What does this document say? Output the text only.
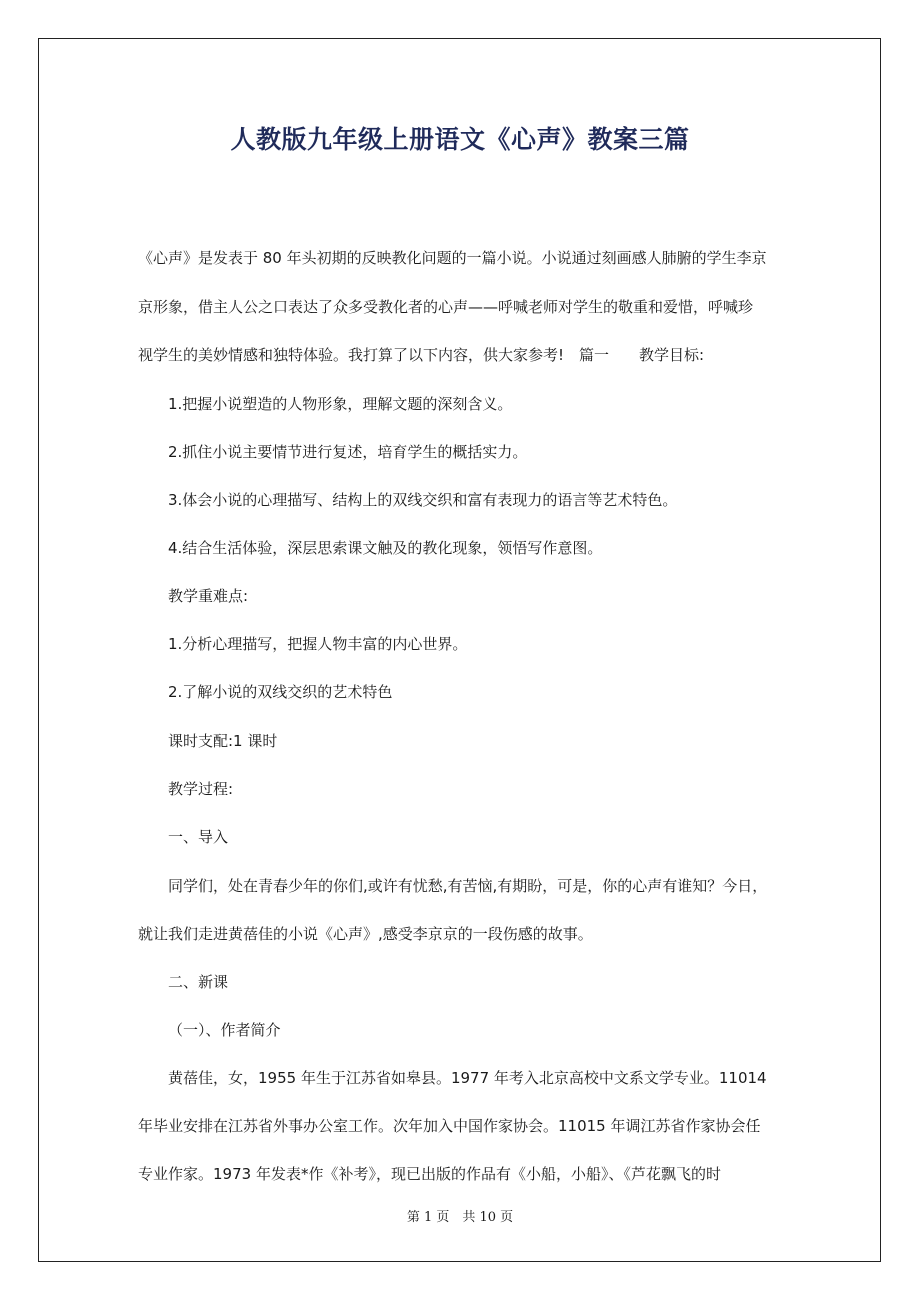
人教版九年级上册语文《心声》教案三篇
《心声》是发表于 80 年头初期的反映教化问题的一篇小说。小说通过刻画感人肺腑的学生李京
京形象，借主人公之口表达了众多受教化者的心声——呼喊老师对学生的敬重和爱惜，呼喊珍
视学生的美妙情感和独特体验。我打算了以下内容，供大家参考!　篇一　　教学目标:
1.把握小说塑造的人物形象，理解文题的深刻含义。
2.抓住小说主要情节进行复述，培育学生的概括实力。
3.体会小说的心理描写、结构上的双线交织和富有表现力的语言等艺术特色。
4.结合生活体验，深层思索课文触及的教化现象，领悟写作意图。
教学重难点:
1.分析心理描写，把握人物丰富的内心世界。
2.了解小说的双线交织的艺术特色
课时支配:1 课时
教学过程:
一、导入
同学们，处在青春少年的你们,或许有忧愁,有苦恼,有期盼，可是，你的心声有谁知？今日，
就让我们走进黄蓓佳的小说《心声》,感受李京京的一段伤感的故事。
二、新课
（一）、作者简介
黄蓓佳，女，1955 年生于江苏省如皋县。1977 年考入北京高校中文系文学专业。11014
年毕业安排在江苏省外事办公室工作。次年加入中国作家协会。11015 年调江苏省作家协会任
专业作家。1973 年发表*作《补考》，现已出版的作品有《小船，小船》、《芦花飘飞的时
第 1 页　共 10 页
